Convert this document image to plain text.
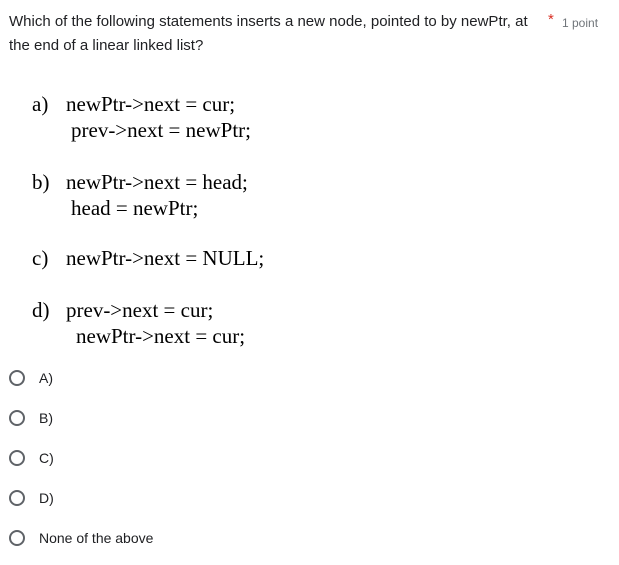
Which of the following statements inserts a new node, pointed to by newPtr, at the end of a linear linked list?

* 1 point
a) newPtr->next = cur;
prev->next = newPtr;
b) newPtr->next = head;
head = newPtr;
c) newPtr->next = NULL;
d) prev->next = cur;
newPtr->next = cur;
A)
B)
C)
D)
None of the above
